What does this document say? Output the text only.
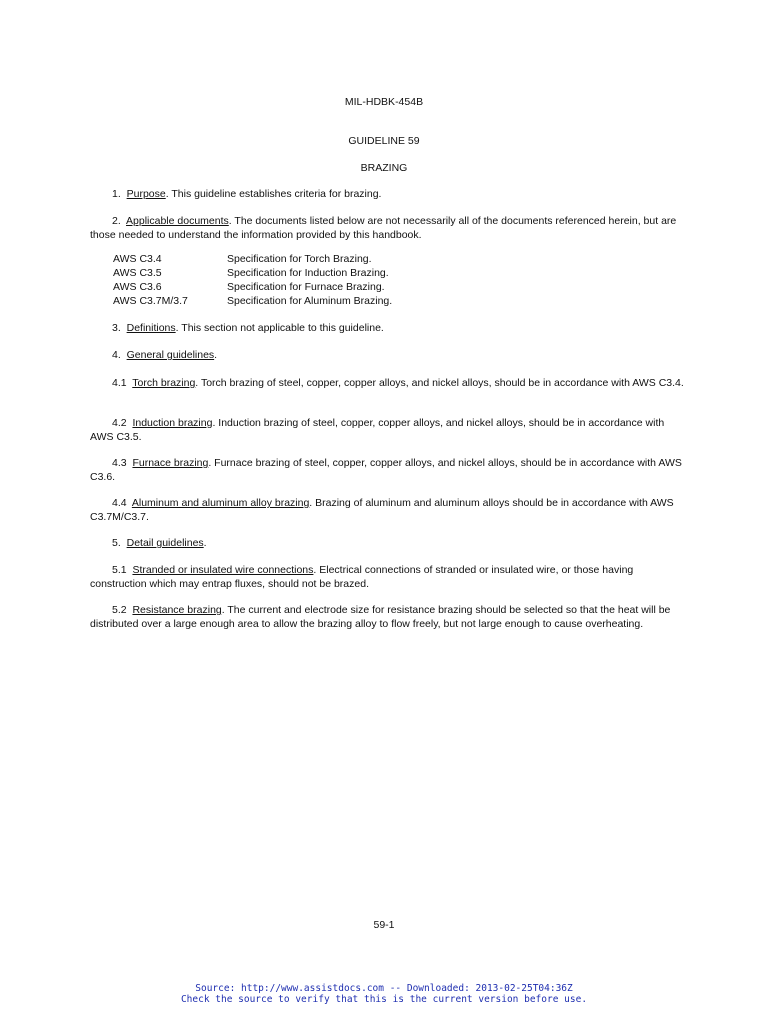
MIL-HDBK-454B
GUIDELINE 59
BRAZING
1. Purpose. This guideline establishes criteria for brazing.
2. Applicable documents. The documents listed below are not necessarily all of the documents referenced herein, but are those needed to understand the information provided by this handbook.
AWS C3.4	Specification for Torch Brazing.
AWS C3.5	Specification for Induction Brazing.
AWS C3.6	Specification for Furnace Brazing.
AWS C3.7M/3.7	Specification for Aluminum Brazing.
3. Definitions. This section not applicable to this guideline.
4. General guidelines.
4.1 Torch brazing. Torch brazing of steel, copper, copper alloys, and nickel alloys, should be in accordance with AWS C3.4.
4.2 Induction brazing. Induction brazing of steel, copper, copper alloys, and nickel alloys, should be in accordance with AWS C3.5.
4.3 Furnace brazing. Furnace brazing of steel, copper, copper alloys, and nickel alloys, should be in accordance with AWS C3.6.
4.4 Aluminum and aluminum alloy brazing. Brazing of aluminum and aluminum alloys should be in accordance with AWS C3.7M/C3.7.
5. Detail guidelines.
5.1 Stranded or insulated wire connections. Electrical connections of stranded or insulated wire, or those having construction which may entrap fluxes, should not be brazed.
5.2 Resistance brazing. The current and electrode size for resistance brazing should be selected so that the heat will be distributed over a large enough area to allow the brazing alloy to flow freely, but not large enough to cause overheating.
59-1
Source: http://www.assistdocs.com -- Downloaded: 2013-02-25T04:36Z
Check the source to verify that this is the current version before use.
